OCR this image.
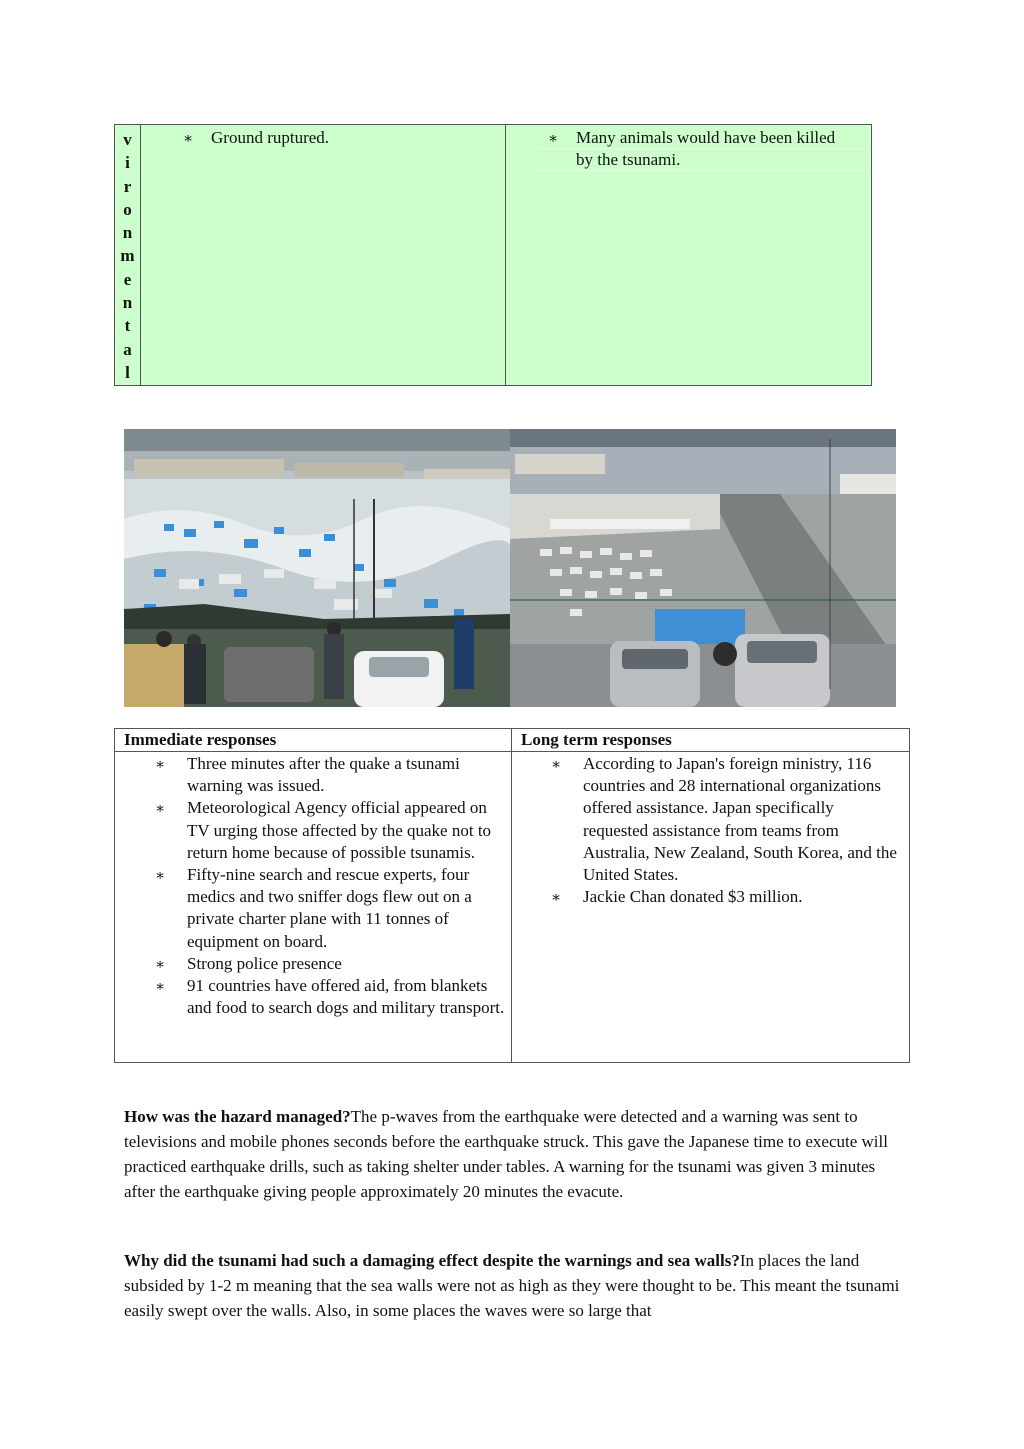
v
i
r
o
n
m
e
n
t
a
l
∗ Ground ruptured.	∗ Many animals would have been killed by the tsunami.
Immediate responses
∗ Three minutes after the quake a tsunami warning was issued.
∗ Meteorological Agency official appeared on TV urging those affected by the quake not to return home because of possible tsunamis.
∗ Fifty-nine search and rescue experts, four medics and two sniffer dogs flew out on a private charter plane with 11 tonnes of equipment on board.
∗ Strong police presence
∗ 91 countries have offered aid, from blankets and food to search dogs and military transport.
Long term responses
∗ According to Japan's foreign ministry, 116 countries and 28 international organizations offered assistance. Japan specifically requested assistance from teams from Australia, New Zealand, South Korea, and the United States.
∗ Jackie Chan donated $3 million.
How was the hazard managed?The p-waves from the earthquake were detected and a warning was sent to televisions and mobile phones seconds before the earthquake struck. This gave the Japanese time to execute will practiced earthquake drills, such as taking shelter under tables. A warning for the tsunami was given 3 minutes after the earthquake giving people approximately 20 minutes the evacute.
Why did the tsunami had such a damaging effect despite the warnings and sea walls?In places the land subsided by 1-2 m meaning that the sea walls were not as high as they were thought to be. This meant the tsunami easily swept over the walls. Also, in some places the waves were so large that
